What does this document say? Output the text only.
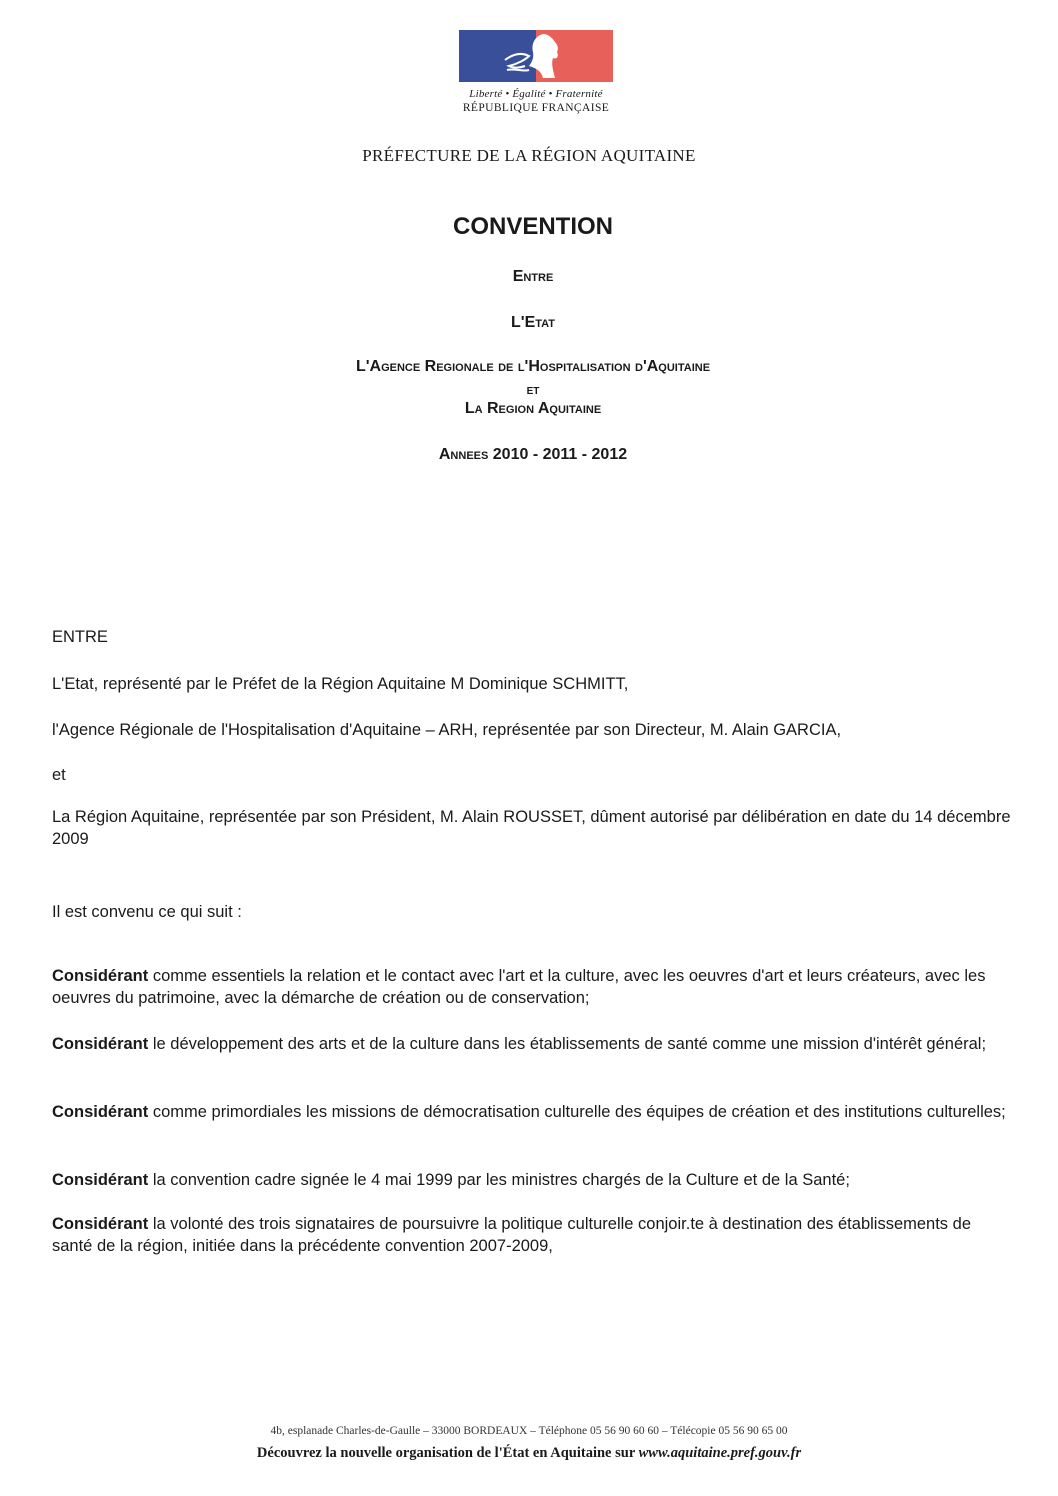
Liberté • Égalité • Fraternité
RÉPUBLIQUE FRANÇAISE
PRÉFECTURE DE LA RÉGION AQUITAINE
CONVENTION
Entre
L'Etat
L'Agence Regionale de l'Hospitalisation d'Aquitaine
et
La Region Aquitaine
Annees 2010 - 2011 - 2012
ENTRE
L'Etat, représenté par le Préfet de la Région Aquitaine M Dominique SCHMITT,
l'Agence Régionale de l'Hospitalisation d'Aquitaine – ARH, représentée par son Directeur, M. Alain GARCIA,
et
La Région Aquitaine, représentée par son Président, M. Alain ROUSSET, dûment autorisé par délibération en date du 14 décembre 2009
Il est convenu ce qui suit :
Considérant comme essentiels la relation et le contact avec l'art et la culture, avec les oeuvres d'art et leurs créateurs, avec les oeuvres du patrimoine, avec la démarche de création ou de conservation;
Considérant le développement des arts et de la culture dans les établissements de santé comme une mission d'intérêt général;
Considérant comme primordiales les missions de démocratisation culturelle des équipes de création et des institutions culturelles;
Considérant la convention cadre signée le 4 mai 1999 par les ministres chargés de la Culture et de la Santé;
Considérant la volonté des trois signataires de poursuivre la politique culturelle conjoir.te à destination des établissements de santé de la région, initiée dans la précédente convention 2007-2009,
4b, esplanade Charles-de-Gaulle – 33000 BORDEAUX – Téléphone 05 56 90 60 60 – Télécopie 05 56 90 65 00
Découvrez la nouvelle organisation de l'État en Aquitaine sur www.aquitaine.pref.gouv.fr
